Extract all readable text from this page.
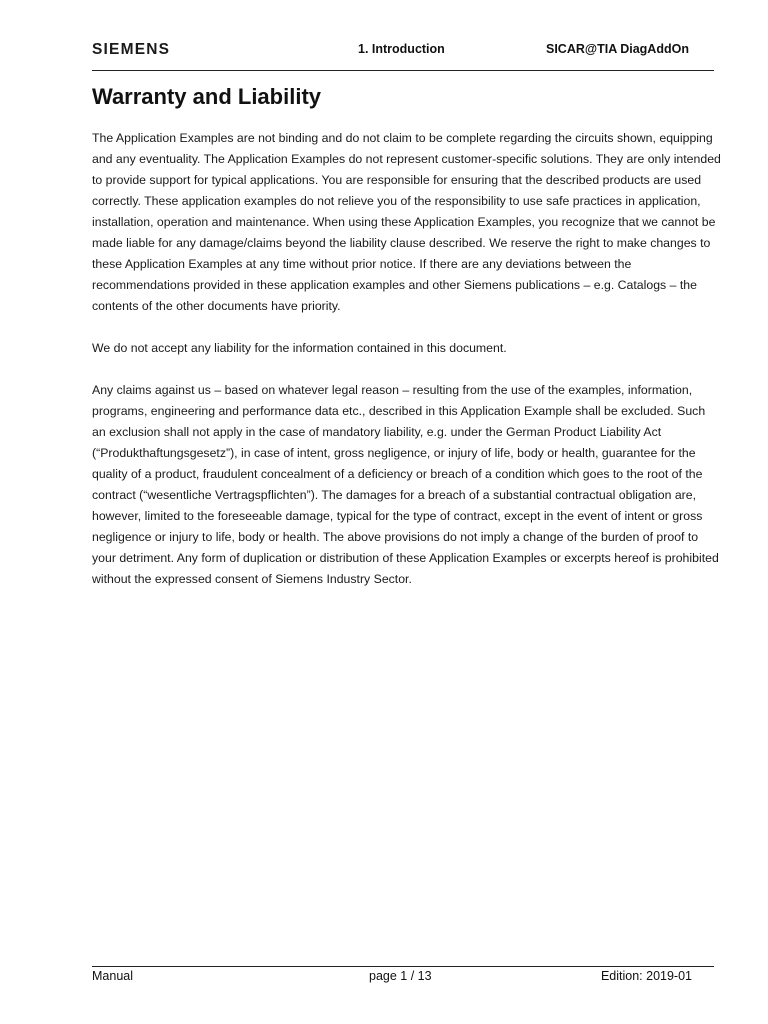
SIEMENS	1. Introduction	SICAR@TIA DiagAddOn
Warranty and Liability

The Application Examples are not binding and do not claim to be complete regarding the circuits shown, equipping and any eventuality. The Application Examples do not represent customer-specific solutions. They are only intended to provide support for typical applications. You are responsible for ensuring that the described products are used correctly. These application examples do not relieve you of the responsibility to use safe practices in application, installation, operation and maintenance. When using these Application Examples, you recognize that we cannot be made liable for any damage/claims beyond the liability clause described. We reserve the right to make changes to these Application Examples at any time without prior notice. If there are any deviations between the recommendations provided in these application examples and other Siemens publications – e.g. Catalogs – the contents of the other documents have priority.

We do not accept any liability for the information contained in this document.

Any claims against us – based on whatever legal reason – resulting from the use of the examples, information, programs, engineering and performance data etc., described in this Application Example shall be excluded. Such an exclusion shall not apply in the case of mandatory liability, e.g. under the German Product Liability Act (“Produkthaftungsgesetz”), in case of intent, gross negligence, or injury of life, body or health, guarantee for the quality of a product, fraudulent concealment of a deficiency or breach of a condition which goes to the root of the contract (“wesentliche Vertragspflichten”). The damages for a breach of a substantial contractual obligation are, however, limited to the foreseeable damage, typical for the type of contract, except in the event of intent or gross negligence or injury to life, body or health. The above provisions do not imply a change of the burden of proof to your detriment. Any form of duplication or distribution of these Application Examples or excerpts hereof is prohibited without the expressed consent of Siemens Industry Sector.

Manual	page 1 / 13	Edition: 2019-01
